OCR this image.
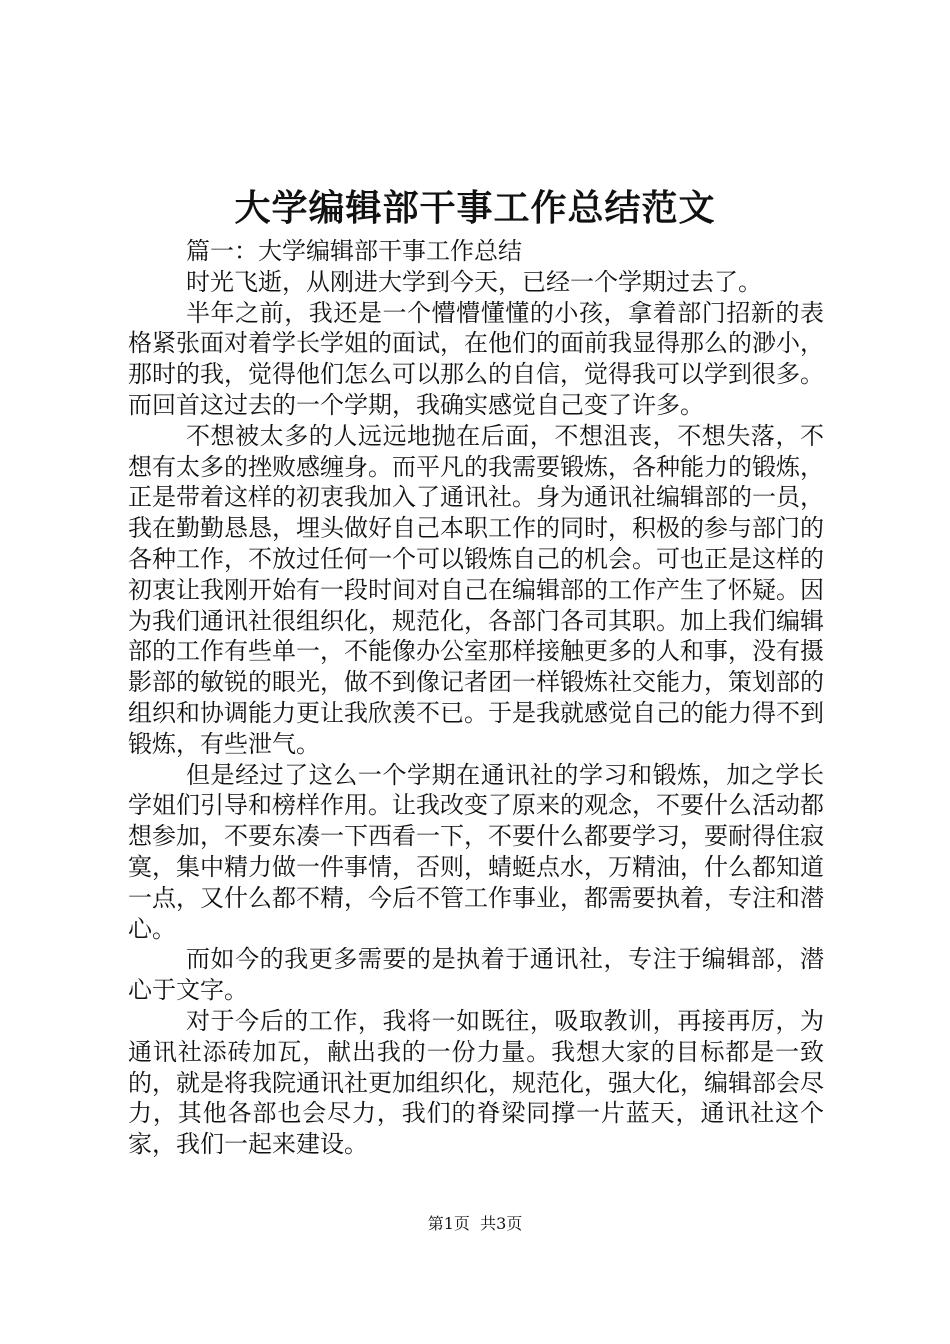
大学编辑部干事工作总结范文

篇一：大学编辑部干事工作总结

时光飞逝，从刚进大学到今天，已经一个学期过去了。

半年之前，我还是一个懵懵懂懂的小孩，拿着部门招新的表格紧张面对着学长学姐的面试，在他们的面前我显得那么的渺小，那时的我，觉得他们怎么可以那么的自信，觉得我可以学到很多。而回首这过去的一个学期，我确实感觉自己变了许多。

不想被太多的人远远地抛在后面，不想沮丧，不想失落，不想有太多的挫败感缠身。而平凡的我需要锻炼，各种能力的锻炼，正是带着这样的初衷我加入了通讯社。身为通讯社编辑部的一员，我在勤勤恳恳，埋头做好自己本职工作的同时，积极的参与部门的各种工作，不放过任何一个可以锻炼自己的机会。可也正是这样的初衷让我刚开始有一段时间对自己在编辑部的工作产生了怀疑。因为我们通讯社很组织化，规范化，各部门各司其职。加上我们编辑部的工作有些单一，不能像办公室那样接触更多的人和事，没有摄影部的敏锐的眼光，做不到像记者团一样锻炼社交能力，策划部的组织和协调能力更让我欣羡不已。于是我就感觉自己的能力得不到锻炼，有些泄气。

但是经过了这么一个学期在通讯社的学习和锻炼，加之学长学姐们引导和榜样作用。让我改变了原来的观念，不要什么活动都想参加，不要东凑一下西看一下，不要什么都要学习，要耐得住寂寞，集中精力做一件事情，否则，蜻蜓点水，万精油，什么都知道一点，又什么都不精，今后不管工作事业，都需要执着，专注和潜心。

而如今的我更多需要的是执着于通讯社，专注于编辑部，潜心于文字。

对于今后的工作，我将一如既往，吸取教训，再接再厉，为通讯社添砖加瓦，献出我的一份力量。我想大家的目标都是一致的，就是将我院通讯社更加组织化，规范化，强大化，编辑部会尽力，其他各部也会尽力，我们的脊梁同撑一片蓝天，通讯社这个家，我们一起来建设。

第1页 共3页
